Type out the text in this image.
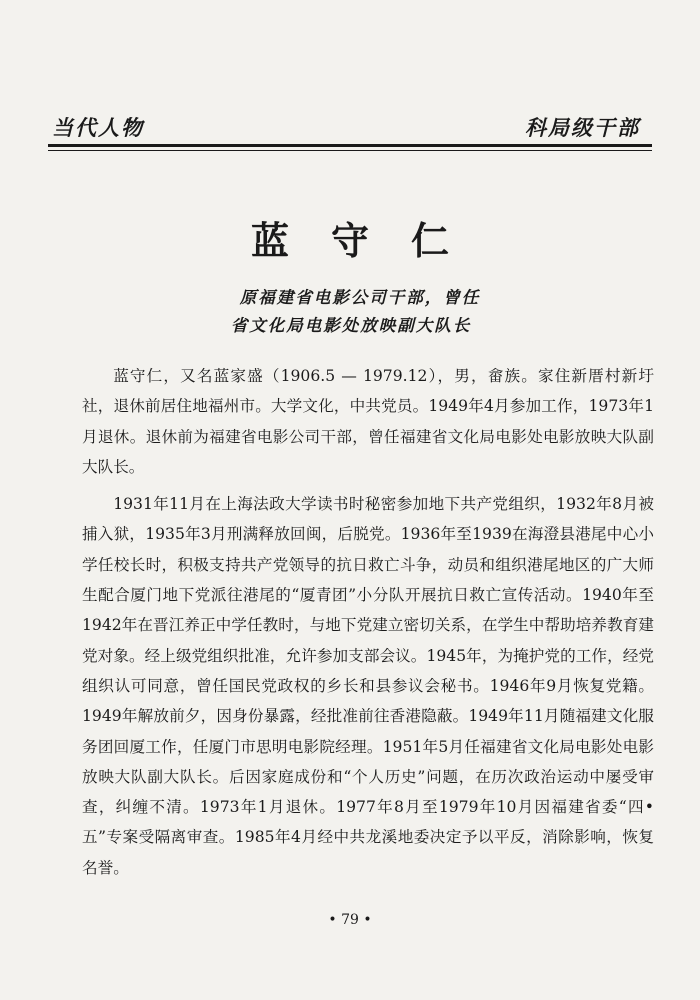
当代人物	科局级干部
蓝守仁
原福建省电影公司干部，曾任
省文化局电影处放映副大队长

蓝守仁，又名蓝家盛（1906.5 — 1979.12），男，畲族。家住新厝村新圩社，退休前居住地福州市。大学文化，中共党员。1949年4月参加工作，1973年1月退休。退休前为福建省电影公司干部，曾任福建省文化局电影处电影放映大队副大队长。

1931年11月在上海法政大学读书时秘密参加地下共产党组织，1932年8月被捕入狱，1935年3月刑满释放回闽，后脱党。1936年至1939在海澄县港尾中心小学任校长时，积极支持共产党领导的抗日救亡斗争，动员和组织港尾地区的广大师生配合厦门地下党派往港尾的“厦青团”小分队开展抗日救亡宣传活动。1940年至1942年在晋江养正中学任教时，与地下党建立密切关系，在学生中帮助培养教育建党对象。经上级党组织批准，允许参加支部会议。1945年，为掩护党的工作，经党组织认可同意，曾任国民党政权的乡长和县参议会秘书。1946年9月恢复党籍。1949年解放前夕，因身份暴露，经批准前往香港隐蔽。1949年11月随福建文化服务团回厦工作，任厦门市思明电影院经理。1951年5月任福建省文化局电影处电影放映大队副大队长。后因家庭成份和“个人历史”问题，在历次政治运动中屡受审查，纠缠不清。1973年1月退休。1977年8月至1979年10月因福建省委“四•五”专案受隔离审查。1985年4月经中共龙溪地委决定予以平反，消除影响，恢复名誉。

• 79 •
